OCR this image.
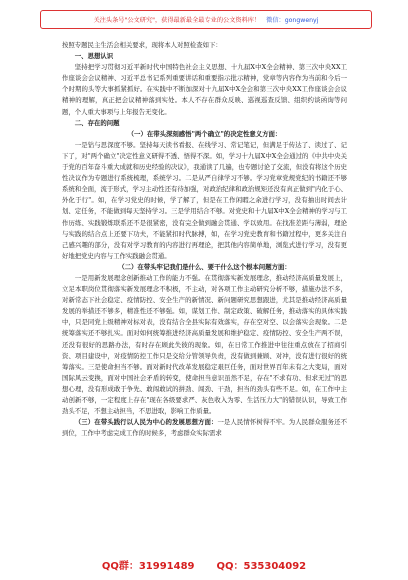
关注头条号"公文研究"，获得最新最全最专业的公文资料库！ 微信：gongwenyj

按照专题民主生活会相关要求，现将本人对照检查如下：

一、思想认识

坚持把学习贯彻习近平新时代中国特色社会主义思想、十九届Ⅹ中Ⅹ全会精神、第三次中央ⅩⅩ工作座谈会会议精神、习近平总书记系列重要讲话和重要指示批示精神，党章等内容作为当前和今后一个时期的头等大事抓紧抓好。在实践中不断加深对十九届Ⅹ中Ⅹ全会和第三次中央ⅩⅩ工作座谈会会议精神的理解，真正把会议精神落到实处。本人不存在群众反映、巡视巡查反馈、组织约谈函询等问题，个人重大事项与上年报告无变化。

二、存在的问题

（一）在带头深刻感悟"两个确立"的决定性意义方面：

一是钻与思深度不够。坚持每天读书看报、在线学习、常记笔记，但满足于传达了、读过了、记下了，对"两个确立"决定性意义研得不透、悟得不深。如，学习十九届Ⅹ中Ⅹ全会通过的《中共中央关于党的百年奋斗重大成就和历史经验的决议》，我通读了几遍，也专题讨论了交流，但没有将这个历史性决议作为专题进行系统梳理，系统学习。二是从严自律学习不够。学习党章党规党纪的书籍还不够系统和全面，流于形式，学习主动性还有待加强，对政治纪律和政治规矩还没有真正做到"内化于心、外化于行"。如，在学习党史的时候，学了解了，但是在工作闲暇之余进行学习，没有抽出时间去计划、定任务，不能做到每天坚持学习。三是学用结合不够。对党史和十九届Ⅹ中Ⅹ全会精神的学习与工作历练、实践锻炼联系还不是很紧密，没有完全做到融会贯通、学以致用。在找准差距与薄弱，理论与实践的结合点上还要下功夫，不能紧扣时代脉搏，如，在学习党史教育和书籍过程中，更多关注自己感兴趣的部分，没有对学习教育的内容进行再理论，把其他内容简单地，浏览式进行学习，没有更好地把党史内容与工作实践融会贯通。

（二）在带头牢记我们是什么、要干什么这个根本问题方面：

一是用新发展理念创新推动工作的能力不强。在贯彻落实新发展理念，推动经济高质量发展上，立足本职岗位贯彻落实新发展理念不积极，不主动，对各项工作主动研究分析不够，措施办法不多，对新常态下社会稳定、疫情防控、安全生产的新情况、新问题研究思想跟进，尤其是推动经济高质量发展的举措还不够多，精准性还不够强。如，谋划工作、制定政策、破解任务，推动落实的具体实践中，只是同党上级精神对标对表，没有结合全县实际有效落实，存在空对空、以会落实会现象。二是统筹落实还不够扎实。面对如何统筹推进经济高质量发展和维护稳定、疫情防控、安全生产两不误，还没有很好的思路办法，有时存在顾此失彼的现象。如，在日常工作推进中往往重点放在了招商引资、项目建设中，对疫情防控工作只是交给分管领导负责，没有做到兼顾、对冲，没有进行很好的统筹落实。三是使命担当不够。面对新时代改革发展稳定艰巨任务，面对世界百年未有之大变局，面对国际风云变换，面对中国社会矛盾的转变，使命担当意识虽然不足，存在"不求有功、但求无过"的思想心理，没有形成敢于争先、敢闯敢试的拼劲、闯劲、干劲，担当的劲头有些不足。如，在工作中主动创新不够，一定程度上存在"现在各级要求严、灰色收入为零、生活压力大"的错误认识，导致工作劲头不足，不想主动担当，不思进取，影响工作质量。

（三）在带头践行以人民为中心的发展思想方面：一是人民情怀树得不牢。为人民群众服务还不到位，工作中考虑完成工作的时候多，考虑群众实际需求

QQ群：31991489 QQ：535304092
